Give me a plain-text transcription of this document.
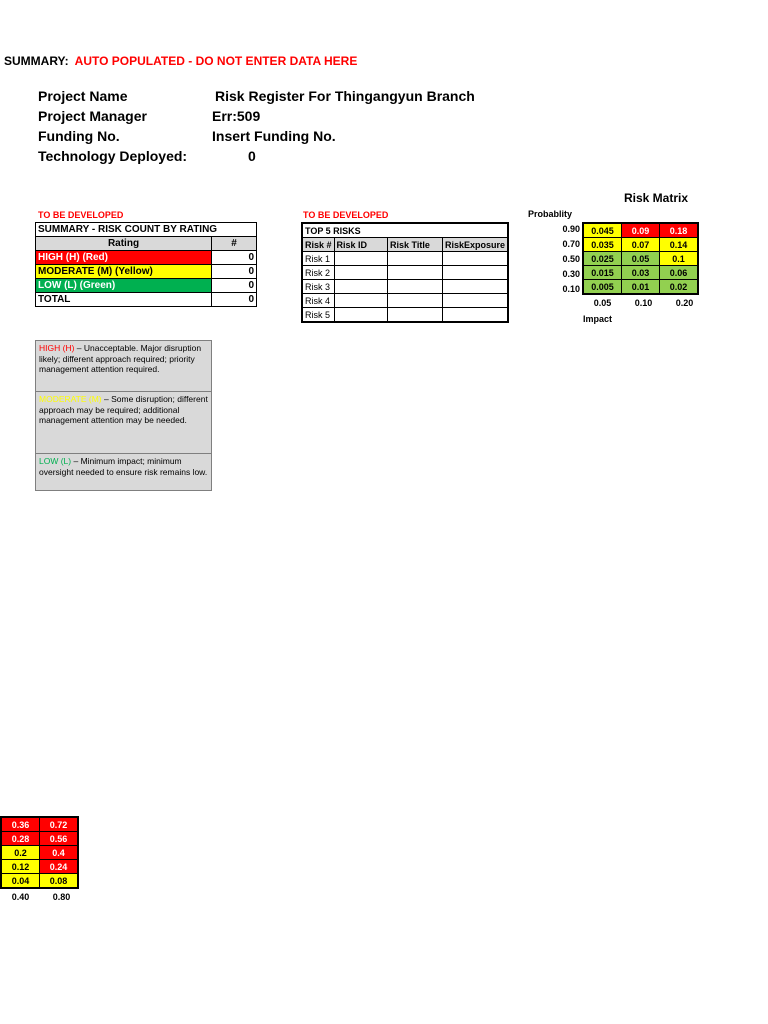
SUMMARY: AUTO POPULATED - DO NOT ENTER DATA HERE
Project Name	Risk Register For Thingangyun Branch
Project Manager	Err:509
Funding No.	Insert Funding No.
Technology Deployed:	0
TO BE DEVELOPED
SUMMARY - RISK COUNT BY RATING	
Rating	#
HIGH (H) (Red)	0
MODERATE (M) (Yellow)	0
LOW (L) (Green)	0
TOTAL	0
TO BE DEVELOPED
TOP 5 RISKS			
Risk #	Risk ID	Risk Title	RiskExposure
Risk 1			
Risk 2			
Risk 3			
Risk 4			
Risk 5			
Risk Matrix
Probablity
0.90
0.70
0.50
0.30
0.10
0.045	0.09	0.18
0.035	0.07	0.14
0.025	0.05	0.1
0.015	0.03	0.06
0.005	0.01	0.02
0.05	0.10	0.20
Impact
HIGH (H) – Unacceptable. Major disruption likely; different approach required; priority management attention required.
MODERATE (M) – Some disruption; different approach may be required; additional management attention may be needed.
LOW (L) – Minimum impact; minimum oversight needed to ensure risk remains low.
0.36	0.72
0.28	0.56
0.2	0.4
0.12	0.24
0.04	0.08
0.40	0.80
